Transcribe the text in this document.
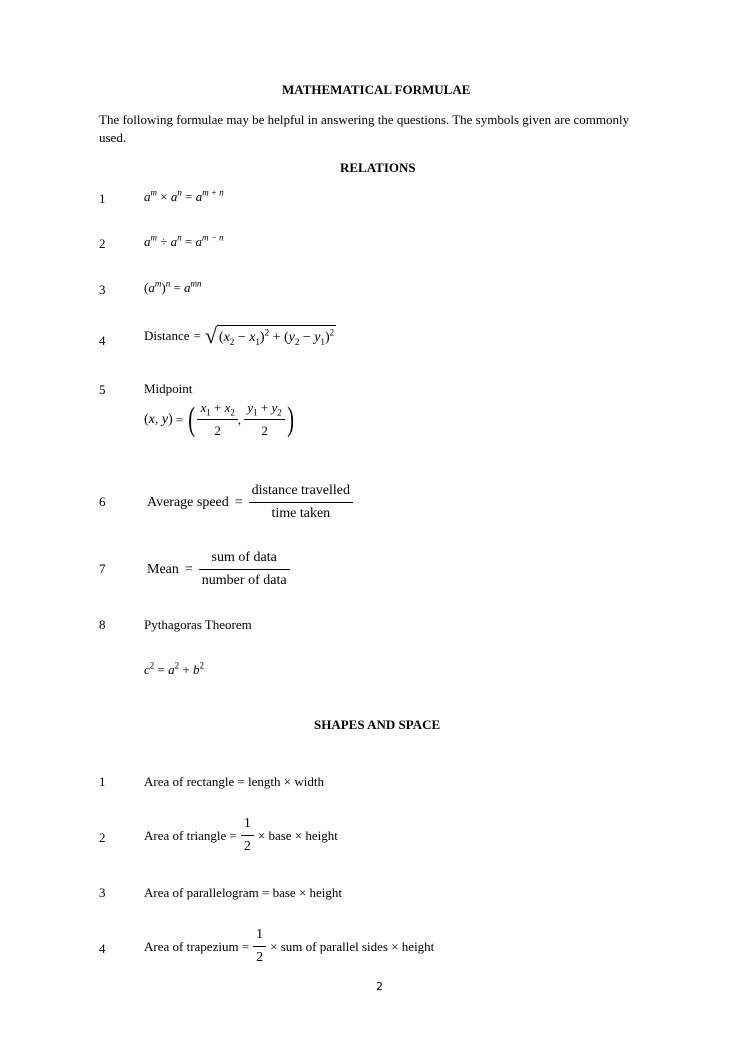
MATHEMATICAL FORMULAE
The following formulae may be helpful in answering the questions. The symbols given are commonly
used.
RELATIONS
1	$a^m \times a^n = a^{m + n}$
2	$a^m \div a^n = a^{m - n}$
3	$(a^m)^n = a^{mn}$
4	Distance = √ $(x_2 - x_1)^2 + (y_2 - y_1)^2$
5	Midpoint
(x, y) = ( $\frac{x_1 + x_2}{2}$ , $\frac{y_1 + y_2}{2}$ )
6	Average speed = $\frac{\text{distance travelled}}{\text{time taken}}$
7	Mean = $\frac{\text{sum of data}}{\text{number of data}}$
8	Pythagoras Theorem
$c^2 = a^2 + b^2$
SHAPES AND SPACE
1	Area of rectangle = length × width
2	Area of triangle = $\frac{1}{2}$ × base × height
3	Area of parallelogram = base × height
4	Area of trapezium = $\frac{1}{2}$ × sum of parallel sides × height
2
